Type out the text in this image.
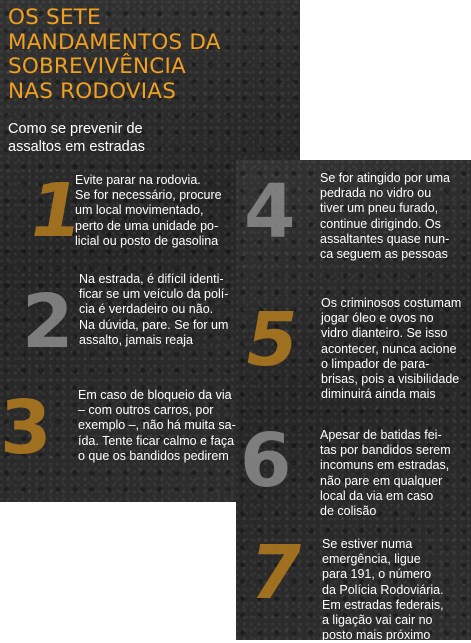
OS SETE
MANDAMENTOS DA
SOBREVIVÊNCIA
NAS RODOVIAS

Como se prevenir de
assaltos em estradas

1
2
3
4
5
6
7

Evite parar na rodovia.
Se for necessário, procure
um local movimentado,
perto de uma unidade po-
licial ou posto de gasolina

Na estrada, é difícil identi-
ficar se um veículo da polí-
cia é verdadeiro ou não.
Na dúvida, pare. Se for um
assalto, jamais reaja

Em caso de bloqueio da via
– com outros carros, por
exemplo –, não há muita sa-
ída. Tente ficar calmo e faça
o que os bandidos pedirem

Se for atingido por uma
pedrada no vidro ou
tiver um pneu furado,
continue dirigindo. Os
assaltantes quase nun-
ca seguem as pessoas

Os criminosos costumam
jogar óleo e ovos no
vidro dianteiro. Se isso
acontecer, nunca acione
o limpador de para-
brisas, pois a visibilidade
diminuirá ainda mais

Apesar de batidas fei-
tas por bandidos serem
incomuns em estradas,
não pare em qualquer
local da via em caso
de colisão

Se estiver numa
emergência, ligue
para 191, o número
da Polícia Rodoviária.
Em estradas federais,
a ligação vai cair no
posto mais próximo
